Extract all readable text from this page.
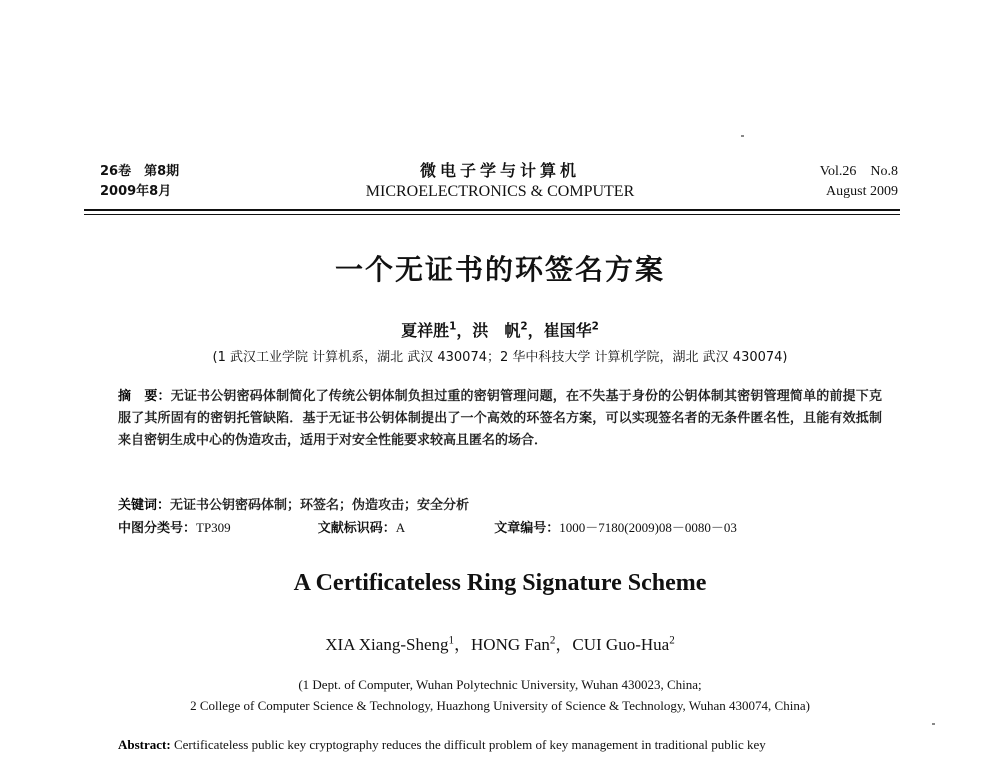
26卷　第8期
2009年8月
微电子学与计算机
MICROELECTRONICS & COMPUTER
Vol.26　No.8
August 2009
一个无证书的环签名方案
夏祥胜$^1$，洪　帆$^2$，崔国华$^2$
(1 武汉工业学院 计算机系，湖北 武汉 430074；2 华中科技大学 计算机学院，湖北 武汉 430074)
摘　要：无证书公钥密码体制简化了传统公钥体制负担过重的密钥管理问题，在不失基于身份的公钥体制其密钥管理简单的前提下克服了其所固有的密钥托管缺陷．基于无证书公钥体制提出了一个高效的环签名方案，可以实现签名者的无条件匿名性，且能有效抵制来自密钥生成中心的伪造攻击，适用于对安全性能要求较高且匿名的场合．
关键词：无证书公钥密码体制；环签名；伪造攻击；安全分析
中图分类号：TP309	文献标识码：A	文章编号：1000－7180(2009)08－0080－03
A Certificateless Ring Signature Scheme
XIA Xiang-Sheng$^1$，HONG Fan$^2$，CUI Guo-Hua$^2$
(1 Dept. of Computer, Wuhan Polytechnic University, Wuhan 430023, China;
2 College of Computer Science & Technology, Huazhong University of Science & Technology, Wuhan 430074, China)
Abstract: Certificateless public key cryptography reduces the difficult problem of key management in traditional public key
